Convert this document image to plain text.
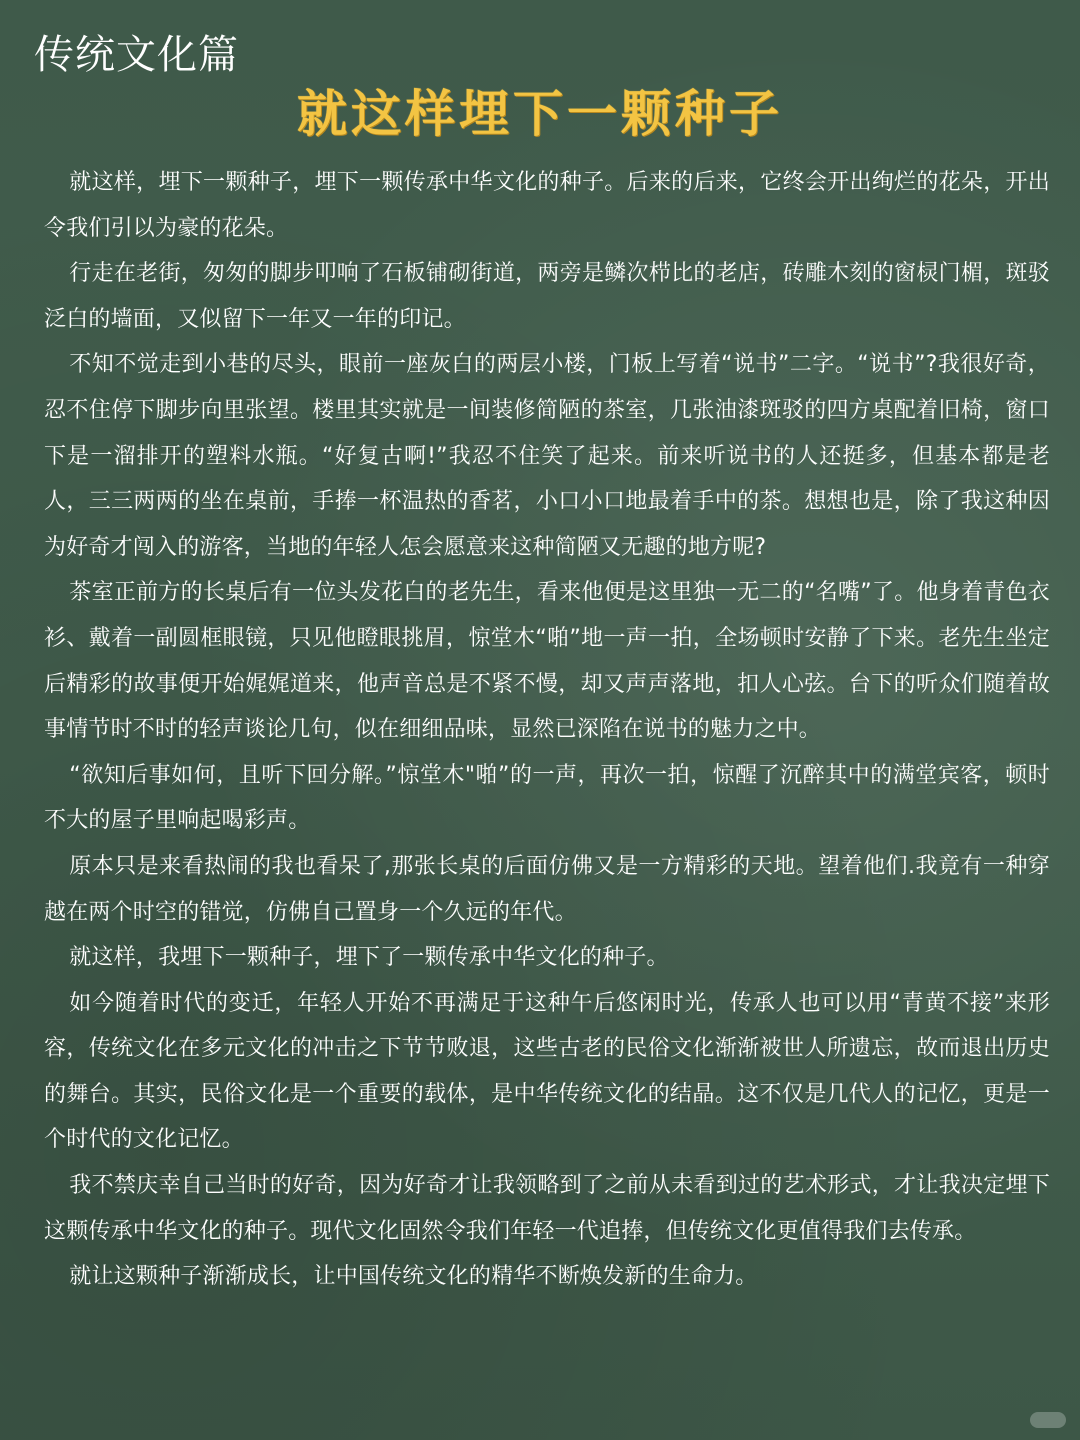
传统文化篇
就这样埋下一颗种子

就这样，埋下一颗种子，埋下一颗传承中华文化的种子。后来的后来，它终会开出绚烂的花朵，开出令我们引以为豪的花朵。

行走在老街，匆匆的脚步叩响了石板铺砌街道，两旁是鳞次栉比的老店，砖雕木刻的窗棂门楣，斑驳泛白的墙面，又似留下一年又一年的印记。

不知不觉走到小巷的尽头，眼前一座灰白的两层小楼，门板上写着“说书”二字。“说书”?我很好奇，忍不住停下脚步向里张望。楼里其实就是一间装修简陋的茶室，几张油漆斑驳的四方桌配着旧椅，窗口下是一溜排开的塑料水瓶。“好复古啊!”我忍不住笑了起来。前来听说书的人还挺多，但基本都是老人，三三两两的坐在桌前，手捧一杯温热的香茗，小口小口地最着手中的茶。想想也是，除了我这种因为好奇才闯入的游客，当地的年轻人怎会愿意来这种简陋又无趣的地方呢?

茶室正前方的长桌后有一位头发花白的老先生，看来他便是这里独一无二的“名嘴”了。他身着青色衣衫、戴着一副圆框眼镜，只见他瞪眼挑眉，惊堂木“啪”地一声一拍，全场顿时安静了下来。老先生坐定后精彩的故事便开始娓娓道来，他声音总是不紧不慢，却又声声落地，扣人心弦。台下的听众们随着故事情节时不时的轻声谈论几句，似在细细品味，显然已深陷在说书的魅力之中。

“欲知后事如何，且听下回分解。”惊堂木"啪”的一声，再次一拍，惊醒了沉醉其中的满堂宾客，顿时不大的屋子里响起喝彩声。

原本只是来看热闹的我也看呆了,那张长桌的后面仿佛又是一方精彩的天地。望着他们.我竟有一种穿越在两个时空的错觉，仿佛自己置身一个久远的年代。

就这样，我埋下一颗种子，埋下了一颗传承中华文化的种子。

如今随着时代的变迁，年轻人开始不再满足于这种午后悠闲时光，传承人也可以用“青黄不接”来形容，传统文化在多元文化的冲击之下节节败退，这些古老的民俗文化渐渐被世人所遗忘，故而退出历史的舞台。其实，民俗文化是一个重要的载体，是中华传统文化的结晶。这不仅是几代人的记忆，更是一个时代的文化记忆。

我不禁庆幸自己当时的好奇，因为好奇才让我领略到了之前从未看到过的艺术形式，才让我决定埋下这颗传承中华文化的种子。现代文化固然令我们年轻一代追捧，但传统文化更值得我们去传承。

就让这颗种子渐渐成长，让中国传统文化的精华不断焕发新的生命力。
